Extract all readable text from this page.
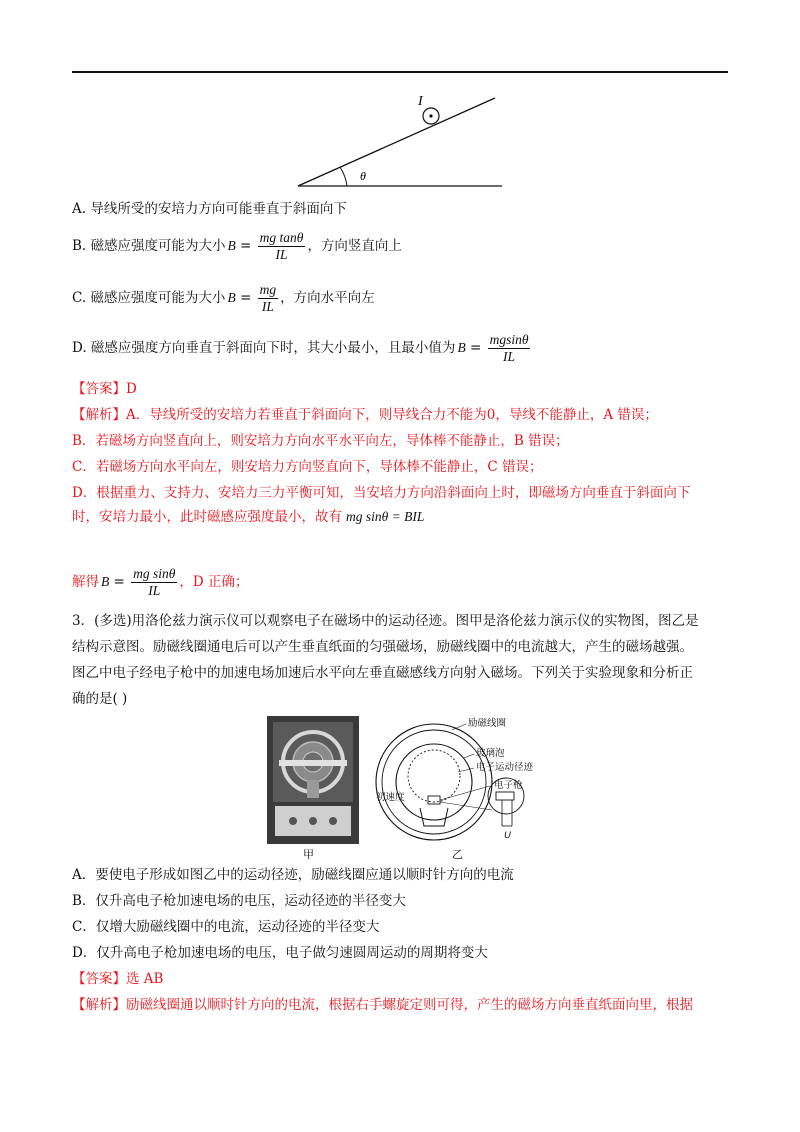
I
θ
A. 导线所受的安培力方向可能垂直于斜面向下
B. 磁感应强度可能为大小 $B = \frac{\text{mg tanθ}}{IL}$ ，方向竖直向上
C. 磁感应强度可能为大小 $B = \frac{mg}{IL}$ ，方向水平向左
D. 磁感应强度方向垂直于斜面向下时，其大小最小，且最小值为 $B = \frac{mgsin\theta}{IL}$
【答案】D
【解析】A．导线所受的安培力若垂直于斜面向下，则导线合力不能为0，导线不能静止，A 错误；
B．若磁场方向竖直向上，则安培力方向水平水平向左，导体棒不能静止，B 错误；
C．若磁场方向水平向左，则安培力方向竖直向下，导体棒不能静止，C 错误；
D．根据重力、支持力、安培力三力平衡可知，当安培力方向沿斜面向上时，即磁场方向垂直于斜面向下
时，安培力最小，此时磁感应强度最小，故有 mg sinθ = BIL
解得 $B = \frac{\text{mg sinθ}}{IL}$ ，D 正确；
3．(多选)用洛伦兹力演示仪可以观察电子在磁场中的运动径迹。图甲是洛伦兹力演示仪的实物图，图乙是
结构示意图。励磁线圈通电后可以产生垂直纸面的匀强磁场，励磁线圈中的电流越大，产生的磁场越强。
图乙中电子经电子枪中的加速电场加速后水平向左垂直磁感线方向射入磁场。下列关于实验现象和分析正
确的是( )
甲
励磁线圈
玻璃泡
电子运动径迹
电子枪
初速度
U
乙
A．要使电子形成如图乙中的运动径迹，励磁线圈应通以顺时针方向的电流
B．仅升高电子枪加速电场的电压，运动径迹的半径变大
C．仅增大励磁线圈中的电流，运动径迹的半径变大
D．仅升高电子枪加速电场的电压，电子做匀速圆周运动的周期将变大
【答案】选 AB
【解析】励磁线圈通以顺时针方向的电流，根据右手螺旋定则可得，产生的磁场方向垂直纸面向里，根据
